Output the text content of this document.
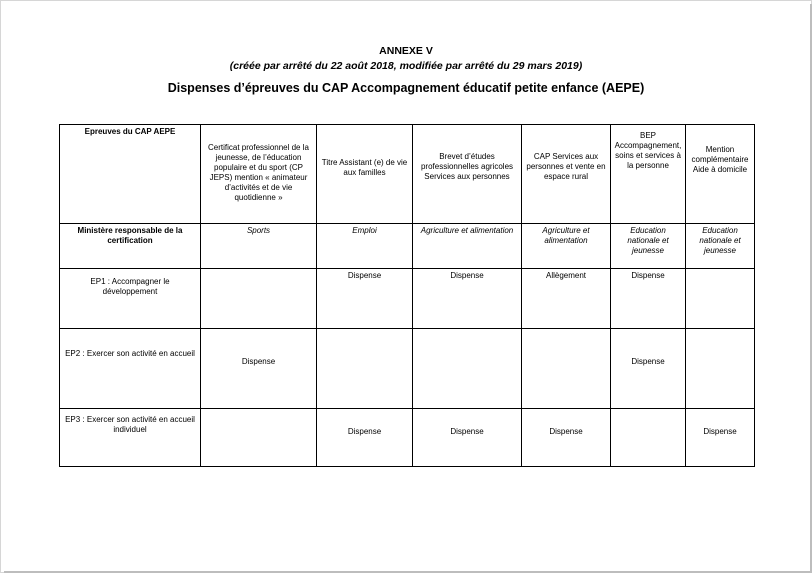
ANNEXE V
(créée par arrêté du 22 août 2018, modifiée par arrêté du 29 mars 2019)
Dispenses d’épreuves du CAP Accompagnement éducatif petite enfance (AEPE)
Epreuves du CAP AEPE	Certificat professionnel de la jeunesse, de l’éducation populaire et du sport (CP JEPS) mention « animateur d’activités et de vie quotidienne »	Titre Assistant (e) de vie aux familles	Brevet d’études professionnelles agricoles Services aux personnes	CAP Services aux personnes et vente en espace rural	BEP Accompagnement, soins et services à la personne	Mention complémentaire Aide à domicile
Ministère responsable de la certification	Sports	Emploi	Agriculture et alimentation	Agriculture et alimentation	Education nationale et jeunesse	Education nationale et jeunesse
EP1 : Accompagner le développement		Dispense	Dispense	Allègement	Dispense	
EP2 : Exercer son activité en accueil	Dispense				Dispense	
EP3 : Exercer son activité en accueil individuel		Dispense	Dispense	Dispense		Dispense
